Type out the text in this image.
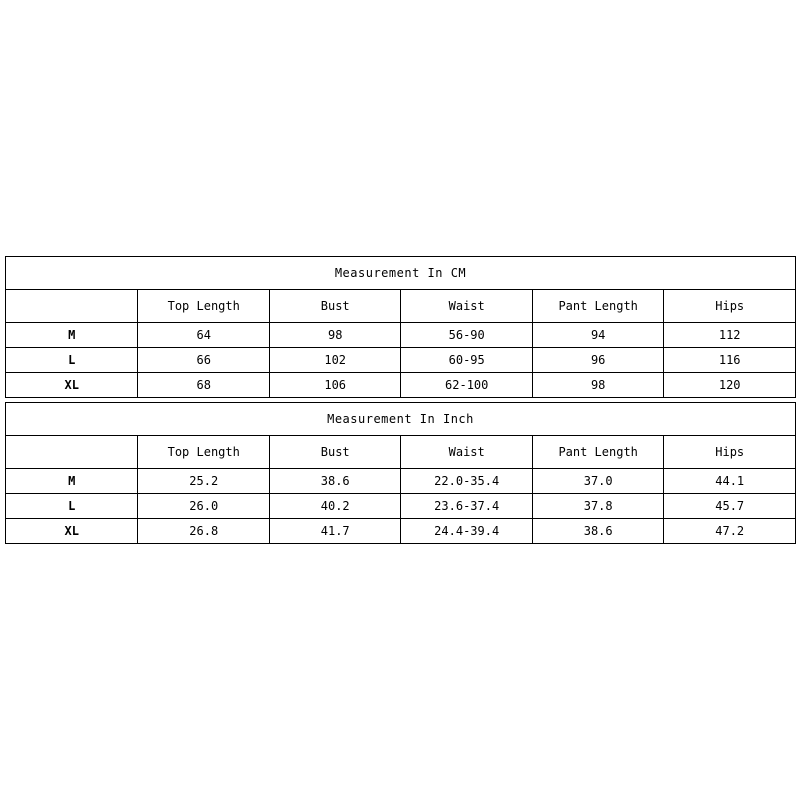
Measurement In CM					
	Top Length	Bust	Waist	Pant Length	Hips
M	64	98	56-90	94	112
L	66	102	60-95	96	116
XL	68	106	62-100	98	120
Measurement In Inch					
	Top Length	Bust	Waist	Pant Length	Hips
M	25.2	38.6	22.0-35.4	37.0	44.1
L	26.0	40.2	23.6-37.4	37.8	45.7
XL	26.8	41.7	24.4-39.4	38.6	47.2
